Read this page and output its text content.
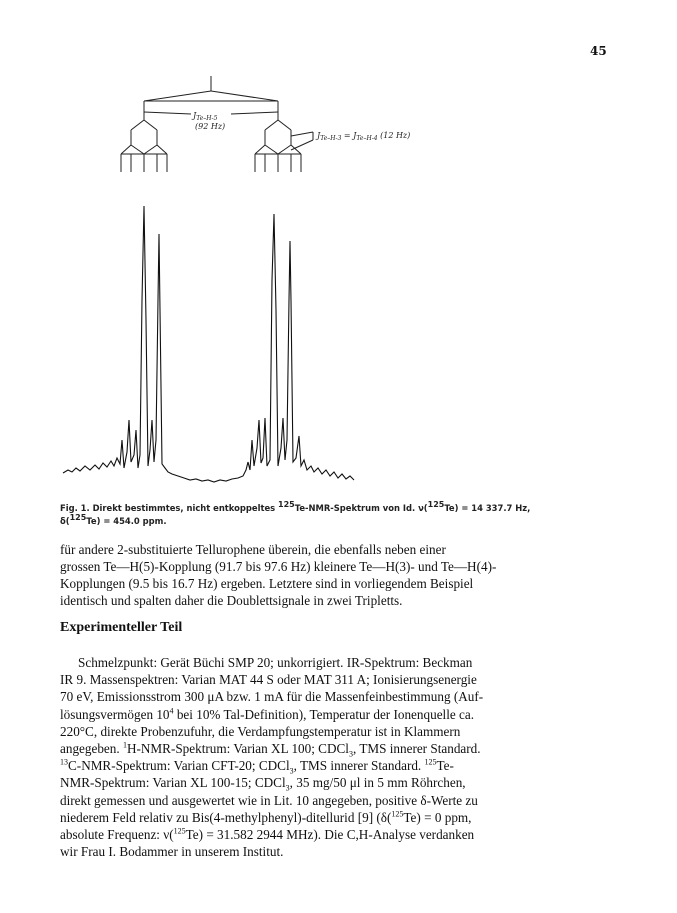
45
$J_{Te-H-5}$
(92 Hz)
$J_{Te-H-3} = J_{Te-H-4}$ (12 Hz)
Fig. 1. Direkt bestimmtes, nicht entkoppeltes $^{125}$Te-NMR-Spektrum von Id. ν($^{125}$Te) = 14 337.7 Hz,
δ($^{125}$Te) = 454.0 ppm.
für andere 2-substituierte Tellurophene überein, die ebenfalls neben einer
grossen Te—H(5)-Kopplung (91.7 bis 97.6 Hz) kleinere Te—H(3)- und Te—H(4)-
Kopplungen (9.5 bis 16.7 Hz) ergeben. Letztere sind in vorliegendem Beispiel
identisch und spalten daher die Doublettsignale in zwei Tripletts.
Experimenteller Teil

Schmelzpunkt: Gerät Büchi SMP 20; unkorrigiert. IR-Spektrum: Beckman

IR 9. Massenspektren: Varian MAT 44 S oder MAT 311 A; Ionisierungsenergie
70 eV, Emissionsstrom 300 μA bzw. 1 mA für die Massenfeinbestimmung (Auf-
lösungsvermögen $10^4$ bei 10% Tal-Definition), Temperatur der Ionenquelle ca.
220°C, direkte Probenzufuhr, die Verdampfungstemperatur ist in Klammern
angegeben. $^1$H-NMR-Spektrum: Varian XL 100; CDCl$_3$, TMS innerer Standard.
$^{13}$C-NMR-Spektrum: Varian CFT-20; CDCl$_3$, TMS innerer Standard. $^{125}$Te-
NMR-Spektrum: Varian XL 100-15; CDCl$_3$, 35 mg/50 μl in 5 mm Röhrchen,
direkt gemessen und ausgewertet wie in Lit. 10 angegeben, positive δ-Werte zu
niederem Feld relativ zu Bis(4-methylphenyl)-ditellurid [9] (δ($^{125}$Te) = 0 ppm,
absolute Frequenz: ν($^{125}$Te) = 31.582 2944 MHz). Die C,H-Analyse verdanken
wir Frau I. Bodammer in unserem Institut.
